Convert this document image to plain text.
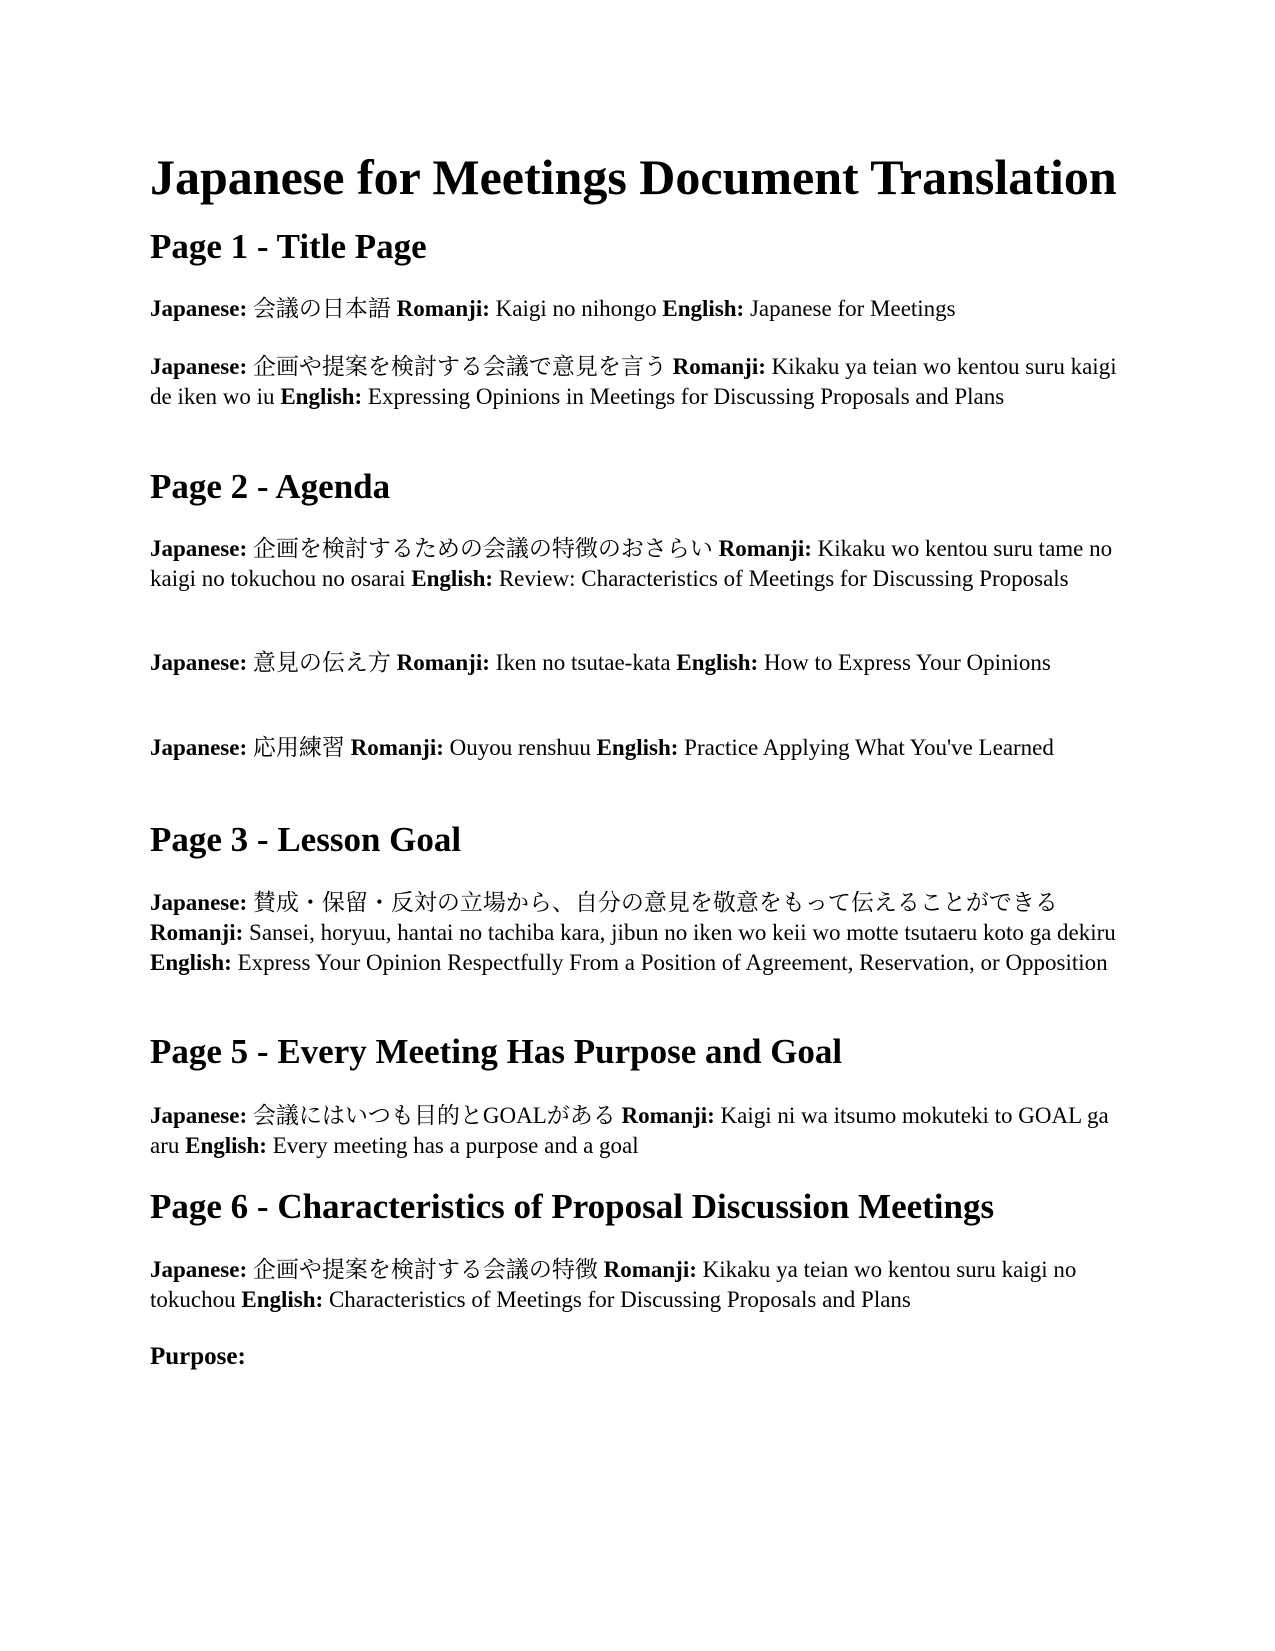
Japanese for Meetings Document Translation
Page 1 - Title Page

Japanese: 会議の日本語 Romanji: Kaigi no nihongo English: Japanese for Meetings

Japanese: 企画や提案を検討する会議で意見を言う Romanji: Kikaku ya teian wo kentou suru kaigi de iken wo iu English: Expressing Opinions in Meetings for Discussing Proposals and Plans

Page 2 - Agenda

Japanese: 企画を検討するための会議の特徴のおさらい Romanji: Kikaku wo kentou suru tame no kaigi no tokuchou no osarai English: Review: Characteristics of Meetings for Discussing Proposals

Japanese: 意見の伝え方 Romanji: Iken no tsutae-kata English: How to Express Your Opinions

Japanese: 応用練習 Romanji: Ouyou renshuu English: Practice Applying What You've Learned

Page 3 - Lesson Goal

Japanese: 賛成・保留・反対の立場から、自分の意見を敬意をもって伝えることができる Romanji: Sansei, horyuu, hantai no tachiba kara, jibun no iken wo keii wo motte tsutaeru koto ga dekiru English: Express Your Opinion Respectfully From a Position of Agreement, Reservation, or Opposition

Page 5 - Every Meeting Has Purpose and Goal

Japanese: 会議にはいつも目的とGOALがある Romanji: Kaigi ni wa itsumo mokuteki to GOAL ga aru English: Every meeting has a purpose and a goal

Page 6 - Characteristics of Proposal Discussion Meetings

Japanese: 企画や提案を検討する会議の特徴 Romanji: Kikaku ya teian wo kentou suru kaigi no tokuchou English: Characteristics of Meetings for Discussing Proposals and Plans

Purpose:
